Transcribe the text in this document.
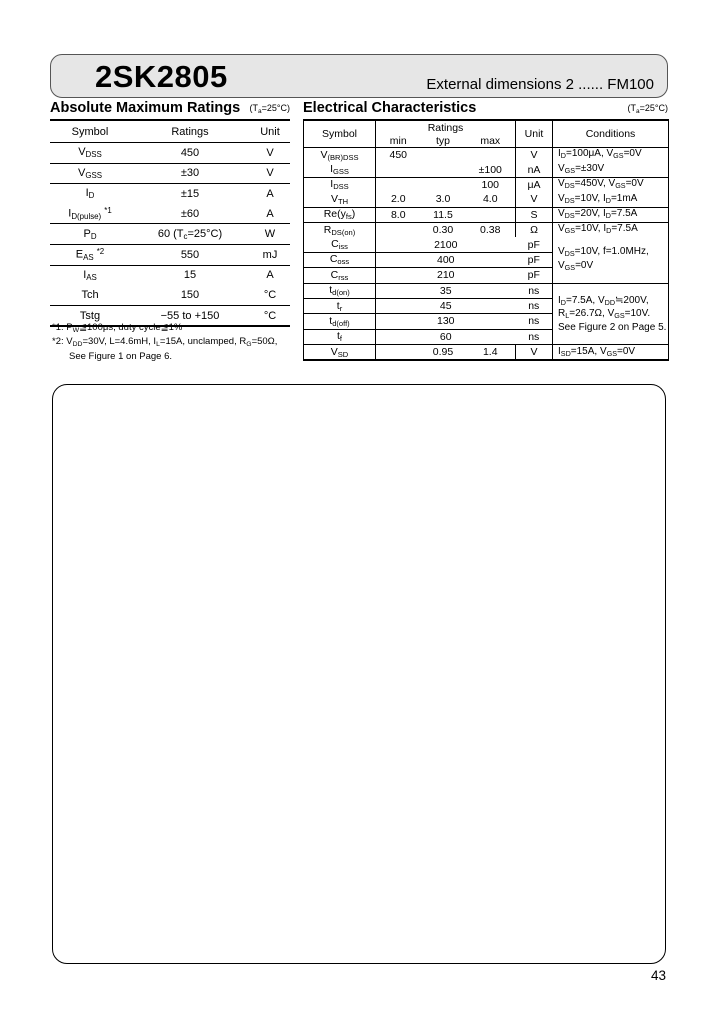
2SK2805	External dimensions 2 ...... FM100
Absolute Maximum Ratings $(T_a=25^\circ C)$ Electrical Characteristics	$(T_a=25^\circ C)$
Symbol	Ratings	Unit
$V_{DSS}$	450	V
$V_{GSS}$	±30	V
$I_D$	±15	A
$I_{D(pulse)}$ $^{*1}$	±60	A
$P_D$	60 $(T_c=25^\circ C)$	W
$E_{AS}$ $^{*2}$	550	mJ
$I_{AS}$	15	A
Tch	150	°C
Tstg	−55 to +150	°C
*1: $P_W≦100\mu s$, duty cycle≦1%
*2: $V_{DD}=30V$, L=4.6mH, $I_L=15A$, unclamped, $R_G=50\Omega$,
See Figure 1 on Page 6.
Symbol	Ratings			Unit	Conditions
	min	typ	max		
$V_{(BR)DSS}$	450			V	$I_D=100\mu A$, $V_{GS}=0V$
$I_{GSS}$			±100	nA	$V_{GS}=\pm 30V$
$I_{DSS}$			100	μA	$V_{DS}=450V$, $V_{GS}=0V$
$V_{TH}$	2.0	3.0	4.0	V	$V_{DS}=10V$, $I_D=1mA$
$Re(y_{fs})$	8.0	11.5		S	$V_{DS}=20V$, $I_D=7.5A$
$R_{DS(on)}$		0.30	0.38	Ω	$V_{GS}=10V$, $I_D=7.5A$
$C_{iss}$	2100			pF	$V_{DS}=10V$, f=1.0MHz,
$V_{GS}=0V$
$C_{oss}$	400			pF	
$C_{rss}$	210			pF	
$t_{d(on)}$	35			ns	$I_D=7.5A$, $V_{DD}≒200V$,
$R_L=26.7\Omega$, $V_{GS}=10V$.
See Figure 2 on Page 5.
$t_r$	45			ns	
$t_{d(off)}$	130			ns	
$t_f$	60			ns	
$V_{SD}$		0.95	1.4	V	$I_{SD}=15A$, $V_{GS}=0V$
43
